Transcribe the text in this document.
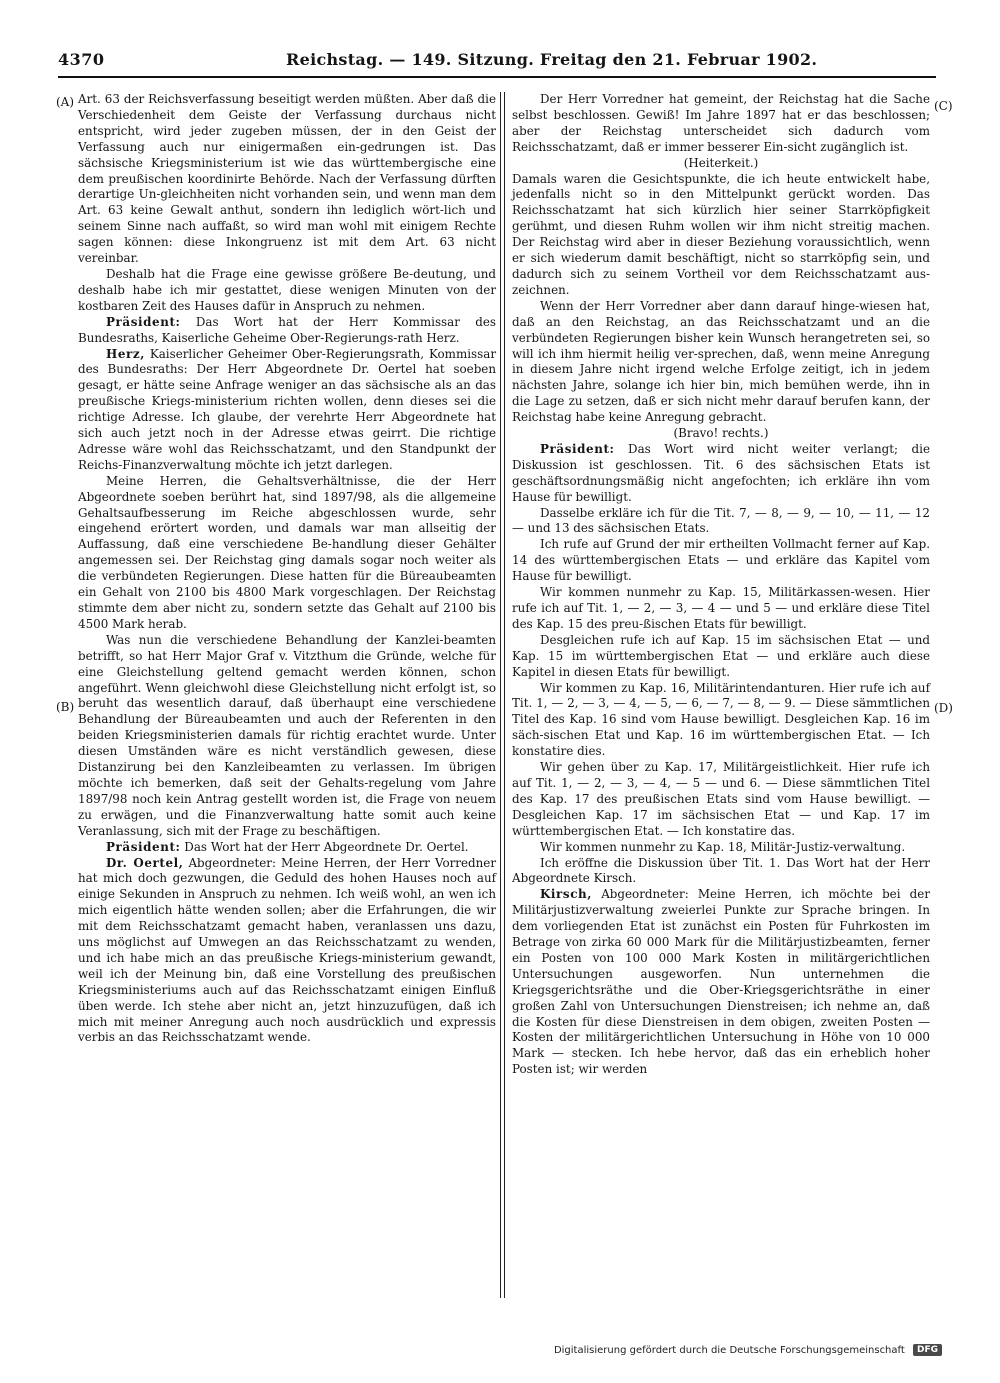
4370	Reichstag. — 149. Sitzung. Freitag den 21. Februar 1902.
(A)
(B)
(C)
(D)

Art. 63 der Reichsverfassung beseitigt werden müßten. Aber daß die Verschiedenheit dem Geiste der Verfassung durchaus nicht entspricht, wird jeder zugeben müssen, der in den Geist der Verfassung auch nur einigermaßen ein-gedrungen ist. Das sächsische Kriegsministerium ist wie das württembergische eine dem preußischen koordinirte Behörde. Nach der Verfassung dürften derartige Un-gleichheiten nicht vorhanden sein, und wenn man dem Art. 63 keine Gewalt anthut, sondern ihn lediglich wört-lich und seinem Sinne nach auffaßt, so wird man wohl mit einigem Rechte sagen können: diese Inkongruenz ist mit dem Art. 63 nicht vereinbar.

Deshalb hat die Frage eine gewisse größere Be-deutung, und deshalb habe ich mir gestattet, diese wenigen Minuten von der kostbaren Zeit des Hauses dafür in Anspruch zu nehmen.

Präsident: Das Wort hat der Herr Kommissar des Bundesraths, Kaiserliche Geheime Ober-Regierungs-rath Herz.

Herz, Kaiserlicher Geheimer Ober-Regierungsrath, Kommissar des Bundesraths: Der Herr Abgeordnete Dr. Oertel hat soeben gesagt, er hätte seine Anfrage weniger an das sächsische als an das preußische Kriegs-ministerium richten wollen, denn dieses sei die richtige Adresse. Ich glaube, der verehrte Herr Abgeordnete hat sich auch jetzt noch in der Adresse etwas geirrt. Die richtige Adresse wäre wohl das Reichsschatzamt, und den Standpunkt der Reichs-Finanzverwaltung möchte ich jetzt darlegen.

Meine Herren, die Gehaltsverhältnisse, die der Herr Abgeordnete soeben berührt hat, sind 1897/98, als die allgemeine Gehaltsaufbesserung im Reiche abgeschlossen wurde, sehr eingehend erörtert worden, und damals war man allseitig der Auffassung, daß eine verschiedene Be-handlung dieser Gehälter angemessen sei. Der Reichstag ging damals sogar noch weiter als die verbündeten Regierungen. Diese hatten für die Büreaubeamten ein Gehalt von 2100 bis 4800 Mark vorgeschlagen. Der Reichstag stimmte dem aber nicht zu, sondern setzte das Gehalt auf 2100 bis 4500 Mark herab.

Was nun die verschiedene Behandlung der Kanzlei-beamten betrifft, so hat Herr Major Graf v. Vitzthum die Gründe, welche für eine Gleichstellung geltend gemacht werden können, schon angeführt. Wenn gleichwohl diese Gleichstellung nicht erfolgt ist, so beruht das wesentlich darauf, daß überhaupt eine verschiedene Behandlung der Büreaubeamten und auch der Referenten in den beiden Kriegsministerien damals für richtig erachtet wurde. Unter diesen Umständen wäre es nicht verständlich gewesen, diese Distanzirung bei den Kanzleibeamten zu verlassen. Im übrigen möchte ich bemerken, daß seit der Gehalts-regelung vom Jahre 1897/98 noch kein Antrag gestellt worden ist, die Frage von neuem zu erwägen, und die Finanzverwaltung hatte somit auch keine Veranlassung, sich mit der Frage zu beschäftigen.

Präsident: Das Wort hat der Herr Abgeordnete Dr. Oertel.

Dr. Oertel, Abgeordneter: Meine Herren, der Herr Vorredner hat mich doch gezwungen, die Geduld des hohen Hauses noch auf einige Sekunden in Anspruch zu nehmen. Ich weiß wohl, an wen ich mich eigentlich hätte wenden sollen; aber die Erfahrungen, die wir mit dem Reichsschatzamt gemacht haben, veranlassen uns dazu, uns möglichst auf Umwegen an das Reichsschatzamt zu wenden, und ich habe mich an das preußische Kriegs-ministerium gewandt, weil ich der Meinung bin, daß eine Vorstellung des preußischen Kriegsministeriums auch auf das Reichsschatzamt einigen Einfluß üben werde. Ich stehe aber nicht an, jetzt hinzuzufügen, daß ich mich mit meiner Anregung auch noch ausdrücklich und expressis verbis an das Reichsschatzamt wende.

Der Herr Vorredner hat gemeint, der Reichstag hat die Sache selbst beschlossen. Gewiß! Im Jahre 1897 hat er das beschlossen; aber der Reichstag unterscheidet sich dadurch vom Reichsschatzamt, daß er immer besserer Ein-sicht zugänglich ist.

(Heiterkeit.)

Damals waren die Gesichtspunkte, die ich heute entwickelt habe, jedenfalls nicht so in den Mittelpunkt gerückt worden. Das Reichsschatzamt hat sich kürzlich hier seiner Starrköpfigkeit gerühmt, und diesen Ruhm wollen wir ihm nicht streitig machen. Der Reichstag wird aber in dieser Beziehung voraussichtlich, wenn er sich wiederum damit beschäftigt, nicht so starrköpfig sein, und dadurch sich zu seinem Vortheil vor dem Reichsschatzamt aus-zeichnen.

Wenn der Herr Vorredner aber dann darauf hinge-wiesen hat, daß an den Reichstag, an das Reichsschatzamt und an die verbündeten Regierungen bisher kein Wunsch herangetreten sei, so will ich ihm hiermit heilig ver-sprechen, daß, wenn meine Anregung in diesem Jahre nicht irgend welche Erfolge zeitigt, ich in jedem nächsten Jahre, solange ich hier bin, mich bemühen werde, ihn in die Lage zu setzen, daß er sich nicht mehr darauf berufen kann, der Reichstag habe keine Anregung gebracht.

(Bravo! rechts.)

Präsident: Das Wort wird nicht weiter verlangt; die Diskussion ist geschlossen. Tit. 6 des sächsischen Etats ist geschäftsordnungsmäßig nicht angefochten; ich erkläre ihn vom Hause für bewilligt.

Dasselbe erkläre ich für die Tit. 7, — 8, — 9, — 10, — 11, — 12 — und 13 des sächsischen Etats.

Ich rufe auf Grund der mir ertheilten Vollmacht ferner auf Kap. 14 des württembergischen Etats — und erkläre das Kapitel vom Hause für bewilligt.

Wir kommen nunmehr zu Kap. 15, Militärkassen-wesen. Hier rufe ich auf Tit. 1, — 2, — 3, — 4 — und 5 — und erkläre diese Titel des Kap. 15 des preu-ßischen Etats für bewilligt.

Desgleichen rufe ich auf Kap. 15 im sächsischen Etat — und Kap. 15 im württembergischen Etat — und erkläre auch diese Kapitel in diesen Etats für bewilligt.

Wir kommen zu Kap. 16, Militärintendanturen. Hier rufe ich auf Tit. 1, — 2, — 3, — 4, — 5, — 6, — 7, — 8, — 9. — Diese sämmtlichen Titel des Kap. 16 sind vom Hause bewilligt. Desgleichen Kap. 16 im säch-sischen Etat und Kap. 16 im württembergischen Etat. — Ich konstatire dies.

Wir gehen über zu Kap. 17, Militärgeistlichkeit. Hier rufe ich auf Tit. 1, — 2, — 3, — 4, — 5 — und 6. — Diese sämmtlichen Titel des Kap. 17 des preußischen Etats sind vom Hause bewilligt. — Desgleichen Kap. 17 im sächsischen Etat — und Kap. 17 im württembergischen Etat. — Ich konstatire das.

Wir kommen nunmehr zu Kap. 18, Militär-Justiz-verwaltung.

Ich eröffne die Diskussion über Tit. 1. Das Wort hat der Herr Abgeordnete Kirsch.

Kirsch, Abgeordneter: Meine Herren, ich möchte bei der Militärjustizverwaltung zweierlei Punkte zur Sprache bringen. In dem vorliegenden Etat ist zunächst ein Posten für Fuhrkosten im Betrage von zirka 60 000 Mark für die Militärjustizbeamten, ferner ein Posten von 100 000 Mark Kosten in militärgerichtlichen Untersuchungen ausgeworfen. Nun unternehmen die Kriegsgerichtsräthe und die Ober-Kriegsgerichtsräthe in einer großen Zahl von Untersuchungen Dienstreisen; ich nehme an, daß die Kosten für diese Dienstreisen in dem obigen, zweiten Posten — Kosten der militärgerichtlichen Untersuchung in Höhe von 10 000 Mark — stecken. Ich hebe hervor, daß das ein erheblich hoher Posten ist; wir werden

Digitalisierung gefördert durch die Deutsche Forschungsgemeinschaft DFG
